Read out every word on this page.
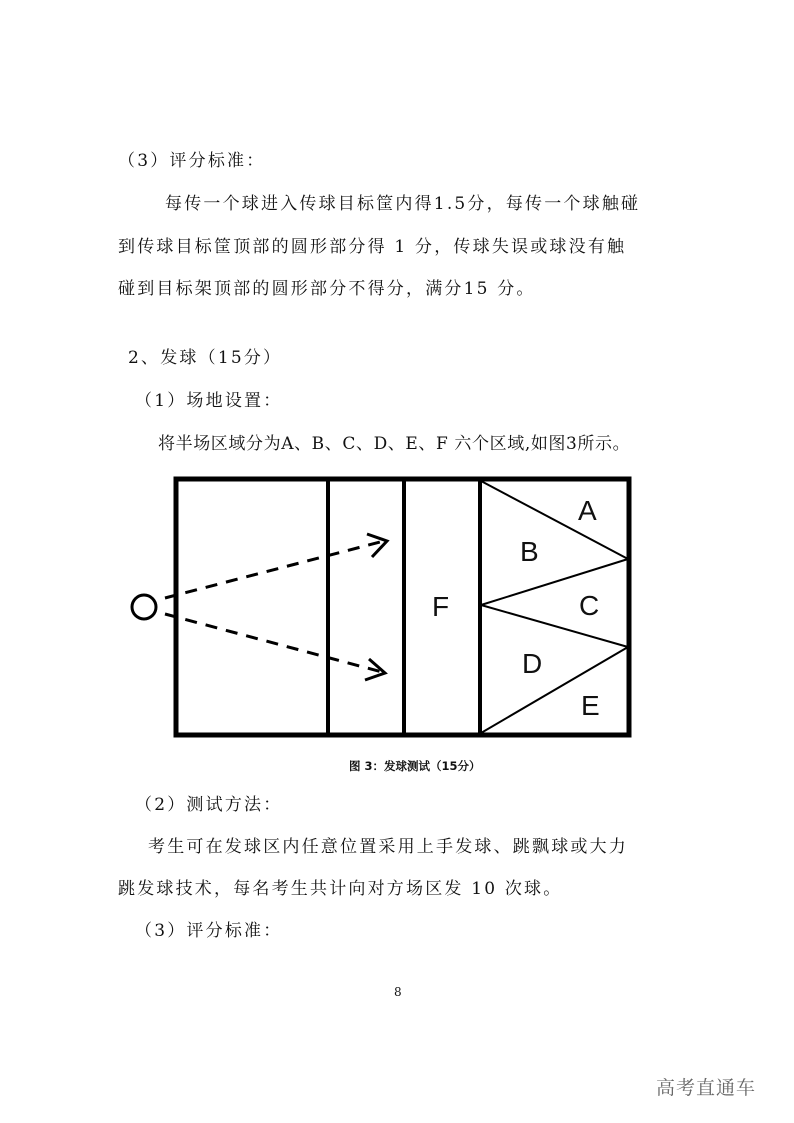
（3）评分标准：
每传一个球进入传球目标筐内得1.5分，每传一个球触碰
到传球目标筐顶部的圆形部分得 1 分，传球失误或球没有触
碰到目标架顶部的圆形部分不得分，满分15 分。
2、发球（15分）
（1）场地设置：
将半场区域分为A、B、C、D、E、F 六个区域,如图3所示。
A
B
C
D
E
F
图 3：发球测试（15分）
（2）测试方法：
考生可在发球区内任意位置采用上手发球、跳飘球或大力
跳发球技术，每名考生共计向对方场区发 10 次球。
（3）评分标准：
8
高考直通车
